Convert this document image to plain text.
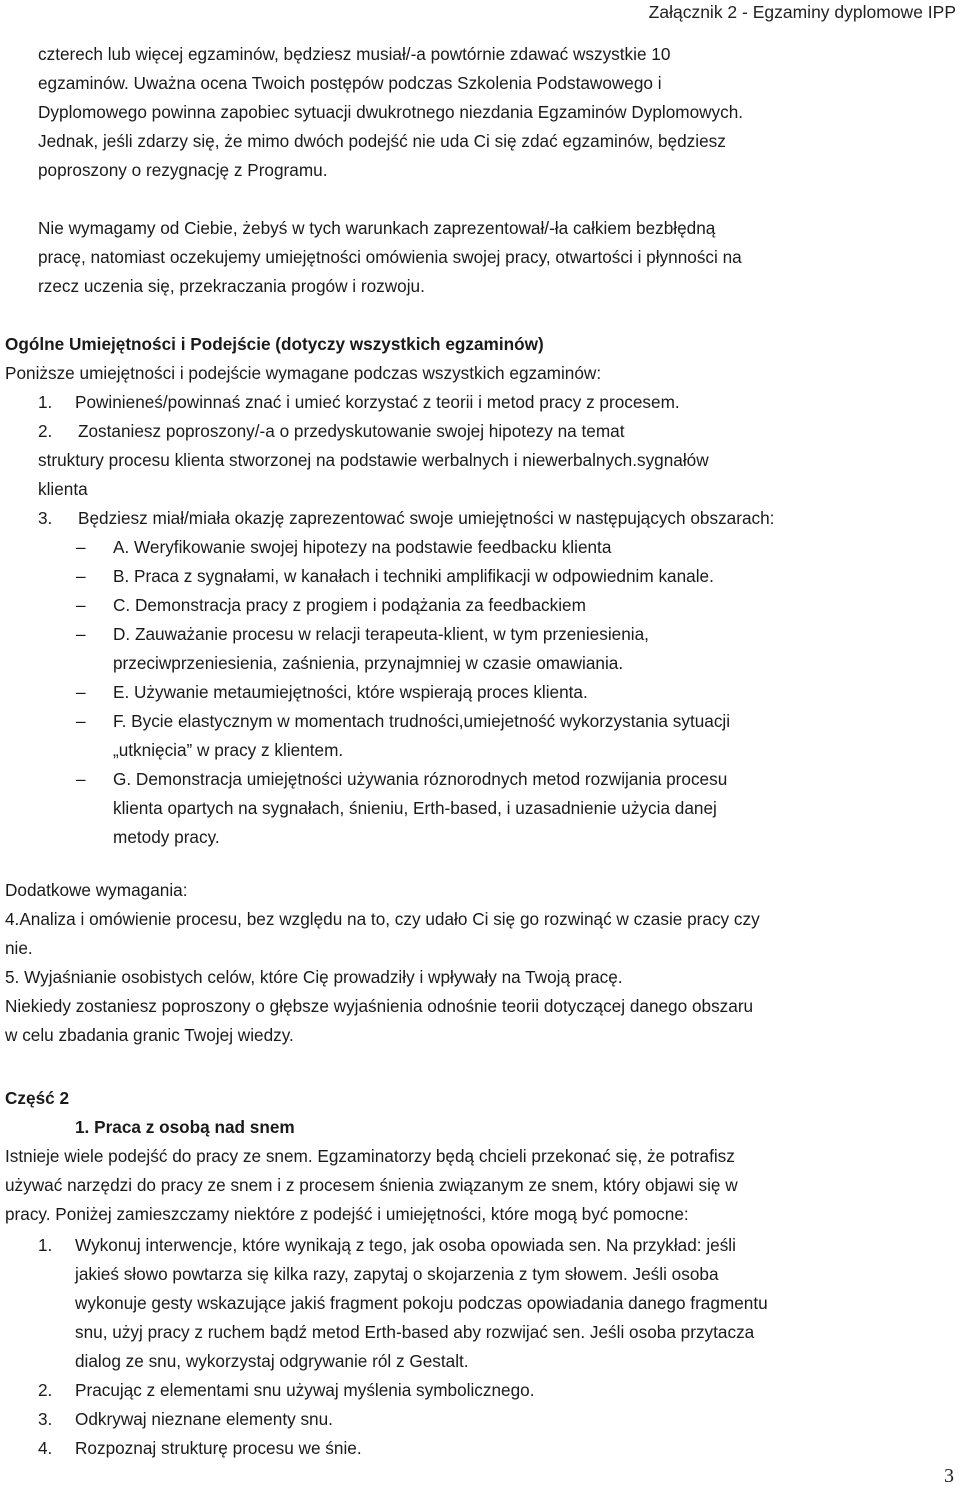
Załącznik 2 - Egzaminy dyplomowe IPP
czterech lub więcej egzaminów, będziesz musiał/-a powtórnie zdawać wszystkie 10
egzaminów. Uważna ocena Twoich postępów podczas Szkolenia Podstawowego i
Dyplomowego powinna zapobiec sytuacji dwukrotnego niezdania Egzaminów Dyplomowych.
Jednak, jeśli zdarzy się, że mimo dwóch podejść nie uda Ci się zdać egzaminów, będziesz
poproszony o rezygnację z Programu.
Nie wymagamy od Ciebie, żebyś w tych warunkach zaprezentował/-ła całkiem bezbłędną
pracę, natomiast oczekujemy umiejętności omówienia swojej pracy, otwartości i płynności na
rzecz uczenia się, przekraczania progów i rozwoju.
Ogólne Umiejętności i Podejście (dotyczy wszystkich egzaminów)
Poniższe umiejętności i podejście wymagane podczas wszystkich egzaminów:
1. Powinieneś/powinnaś znać i umieć korzystać z teorii i metod pracy z procesem.
2. Zostaniesz poproszony/-a o przedyskutowanie swojej hipotezy na temat
struktury procesu klienta stworzonej na podstawie werbalnych i niewerbalnych.sygnałów
klienta
3. Będziesz miał/miała okazję zaprezentować swoje umiejętności w następujących obszarach:
– A. Weryfikowanie swojej hipotezy na podstawie feedbacku klienta
– B. Praca z sygnałami, w kanałach i techniki amplifikacji w odpowiednim kanale.
– C. Demonstracja pracy z progiem i podążania za feedbackiem
– D. Zauważanie procesu w relacji terapeuta-klient, w tym przeniesienia,
przeciwprzeniesienia, zaśnienia, przynajmniej w czasie omawiania.
– E. Używanie metaumiejętności, które wspierają proces klienta.
– F. Bycie elastycznym w momentach trudności,umiejetność wykorzystania sytuacji
„utknięcia” w pracy z klientem.
– G. Demonstracja umiejętności używania róznorodnych metod rozwijania procesu
klienta opartych na sygnałach, śnieniu, Erth-based, i uzasadnienie użycia danej
metody pracy.
Dodatkowe wymagania:
4.Analiza i omówienie procesu, bez względu na to, czy udało Ci się go rozwinąć w czasie pracy czy
nie.
5. Wyjaśnianie osobistych celów, które Cię prowadziły i wpływały na Twoją pracę.
Niekiedy zostaniesz poproszony o głębsze wyjaśnienia odnośnie teorii dotyczącej danego obszaru
w celu zbadania granic Twojej wiedzy.
Część 2
1. Praca z osobą nad snem
Istnieje wiele podejść do pracy ze snem. Egzaminatorzy będą chcieli przekonać się, że potrafisz
używać narzędzi do pracy ze snem i z procesem śnienia związanym ze snem, który objawi się w
pracy. Poniżej zamieszczamy niektóre z podejść i umiejętności, które mogą być pomocne:
1. Wykonuj interwencje, które wynikają z tego, jak osoba opowiada sen. Na przykład: jeśli
jakieś słowo powtarza się kilka razy, zapytaj o skojarzenia z tym słowem. Jeśli osoba
wykonuje gesty wskazujące jakiś fragment pokoju podczas opowiadania danego fragmentu
snu, użyj pracy z ruchem bądź metod Erth-based aby rozwijać sen. Jeśli osoba przytacza
dialog ze snu, wykorzystaj odgrywanie ról z Gestalt.
2. Pracując z elementami snu używaj myślenia symbolicznego.
3. Odkrywaj nieznane elementy snu.
4. Rozpoznaj strukturę procesu we śnie.
3
